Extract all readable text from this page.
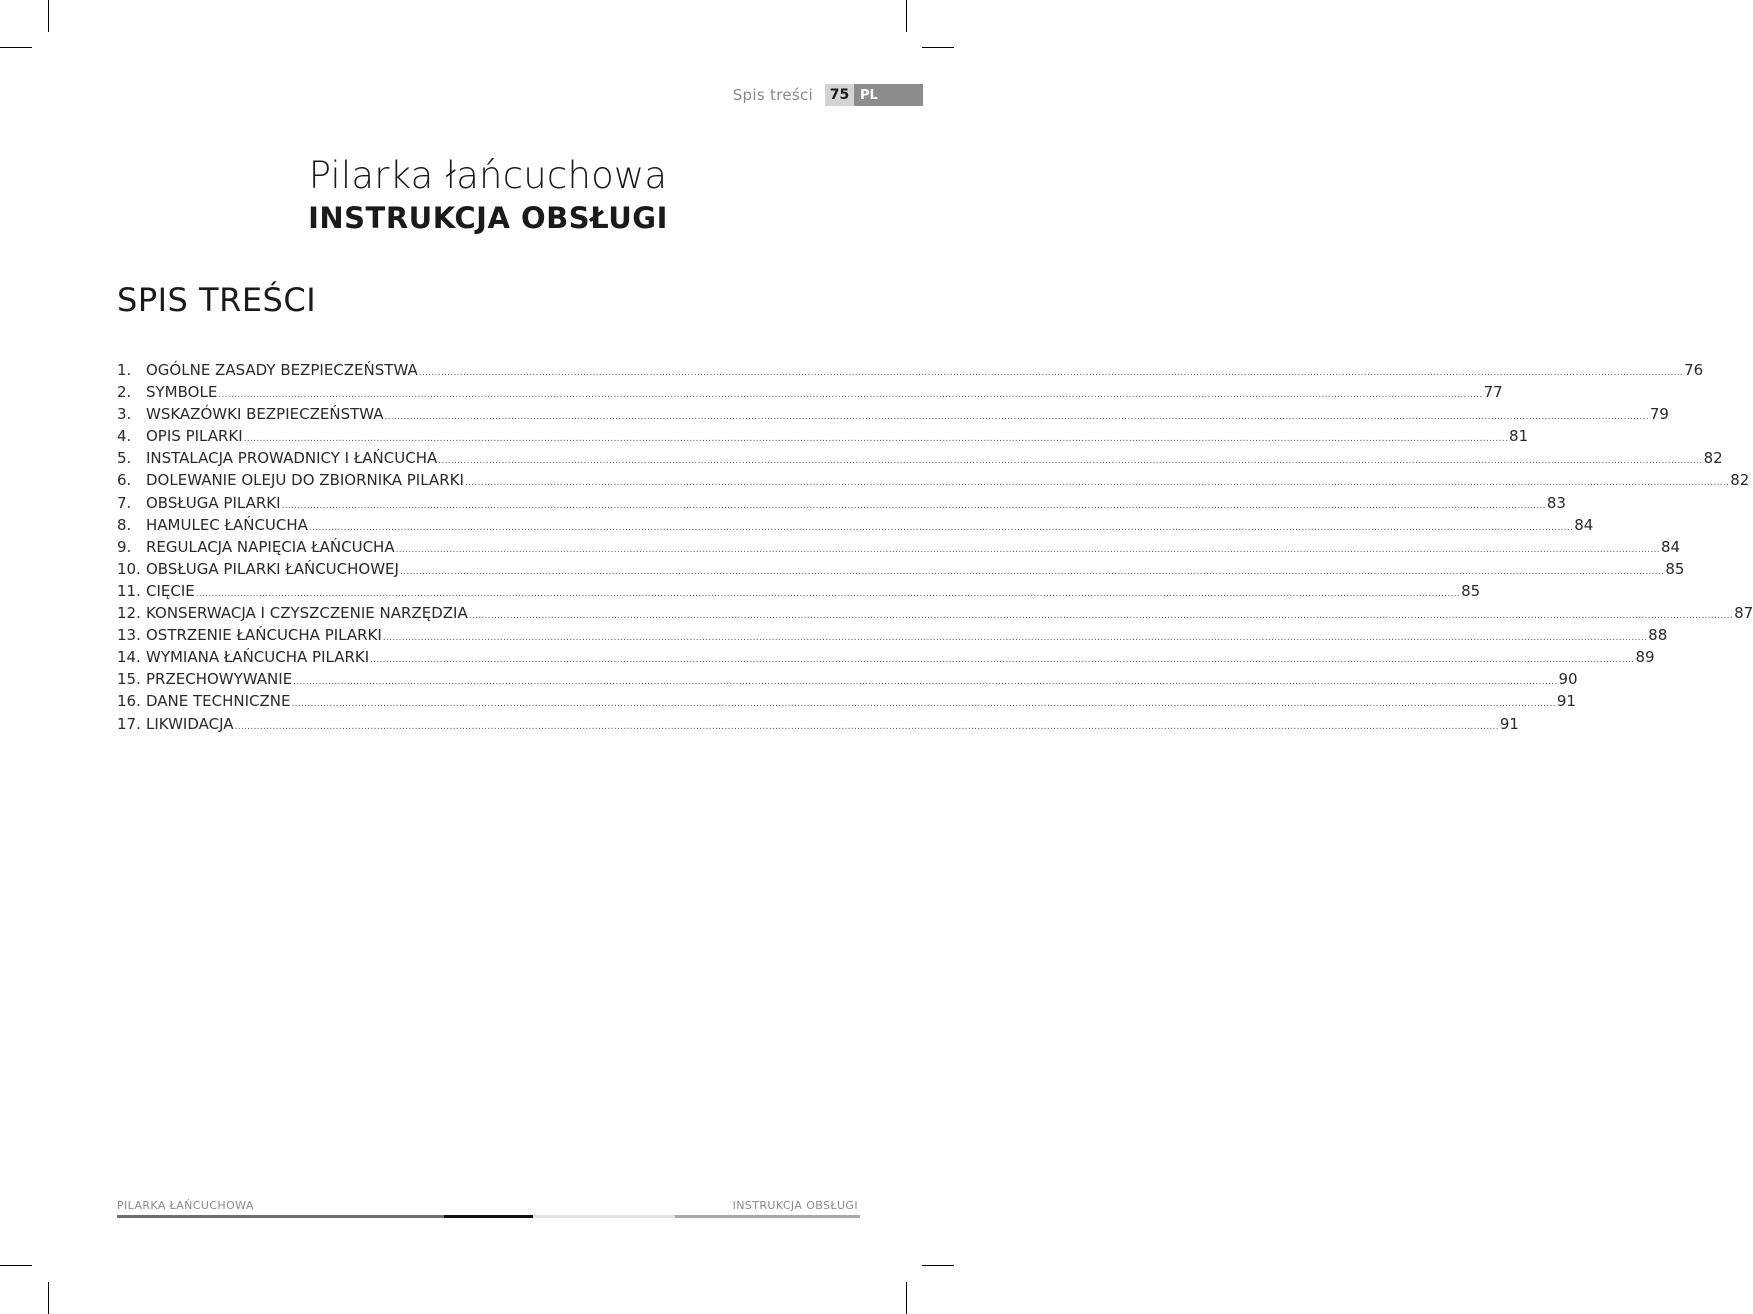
Spis treści	75 PL
Pilarka łańcuchowa
INSTRUKCJA OBSŁUGI
SPIS TREŚCI
1. OGÓLNE ZASADY BEZPIECZEŃSTWA ................................................................................................................................................................................................................................................................................................................................................................................................................ 76
2. SYMBOLE ................................................................................................................................................................................................................................................................................................................................................................................................................ 77
3. WSKAZÓWKI BEZPIECZEŃSTWA ................................................................................................................................................................................................................................................................................................................................................................................................................ 79
4. OPIS PILARKI ................................................................................................................................................................................................................................................................................................................................................................................................................ 81
5. INSTALACJA PROWADNICY I ŁAŃCUCHA ................................................................................................................................................................................................................................................................................................................................................................................................................ 82
6. DOLEWANIE OLEJU DO ZBIORNIKA PILARKI ................................................................................................................................................................................................................................................................................................................................................................................................................ 82
7. OBSŁUGA PILARKI ................................................................................................................................................................................................................................................................................................................................................................................................................ 83
8. HAMULEC ŁAŃCUCHA ................................................................................................................................................................................................................................................................................................................................................................................................................ 84
9. REGULACJA NAPIĘCIA ŁAŃCUCHA ................................................................................................................................................................................................................................................................................................................................................................................................................ 84
10. OBSŁUGA PILARKI ŁAŃCUCHOWEJ ................................................................................................................................................................................................................................................................................................................................................................................................................ 85
11. CIĘCIE ................................................................................................................................................................................................................................................................................................................................................................................................................ 85
12. KONSERWACJA I CZYSZCZENIE NARZĘDZIA ................................................................................................................................................................................................................................................................................................................................................................................................................ 87
13. OSTRZENIE ŁAŃCUCHA PILARKI ................................................................................................................................................................................................................................................................................................................................................................................................................ 88
14. WYMIANA ŁAŃCUCHA PILARKI ................................................................................................................................................................................................................................................................................................................................................................................................................ 89
15. PRZECHOWYWANIE ................................................................................................................................................................................................................................................................................................................................................................................................................ 90
16. DANE TECHNICZNE ................................................................................................................................................................................................................................................................................................................................................................................................................ 91
17. LIKWIDACJA ................................................................................................................................................................................................................................................................................................................................................................................................................ 91
PILARKA ŁAŃCUCHOWA	INSTRUKCJA OBSŁUGI
